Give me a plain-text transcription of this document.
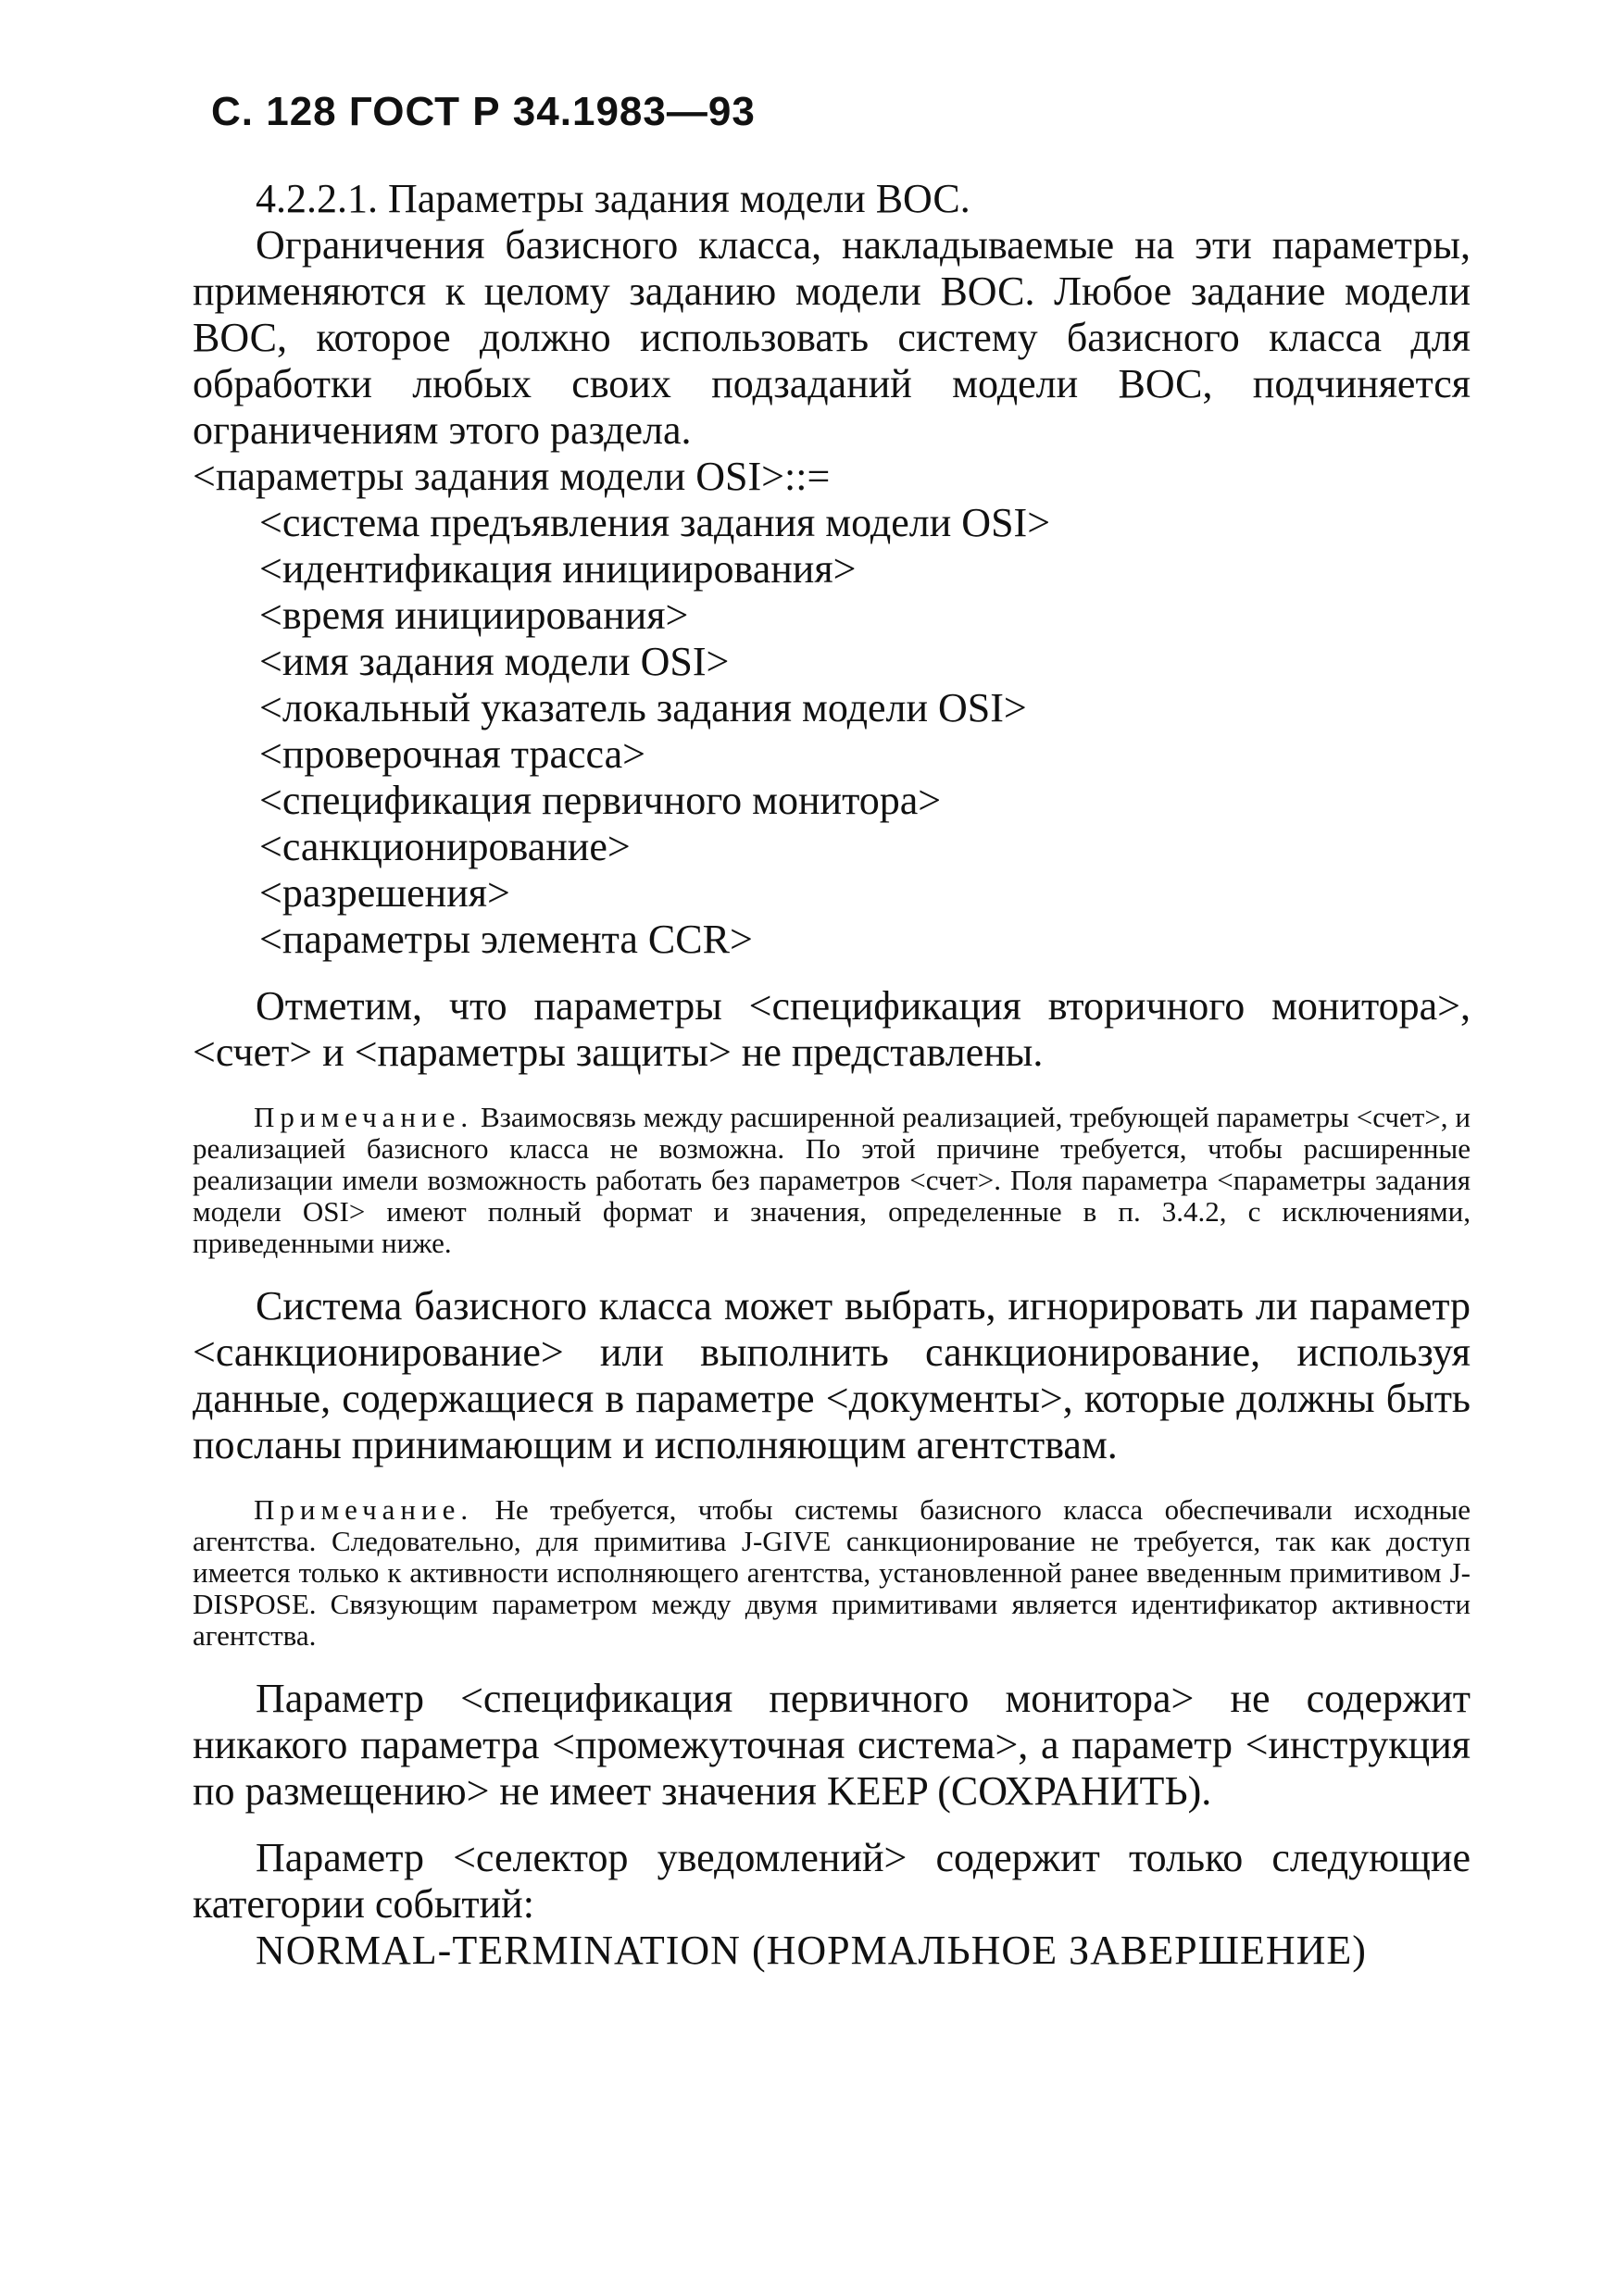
С. 128 ГОСТ Р 34.1983—93

4.2.2.1. Параметры задания модели ВОС.

Ограничения базисного класса, накладываемые на эти параметры, применяются к целому заданию модели ВОС. Любое задание модели ВОС, которое должно использовать систему базисного класса для обработки любых своих подзаданий модели ВОС, подчиняется ограничениям этого раздела.

<параметры задания модели OSI>::=

<система предъявления задания модели OSI>
<идентификация инициирования>
<время инициирования>
<имя задания модели OSI>
<локальный указатель задания модели OSI>
<проверочная трасса>
<спецификация первичного монитора>
<санкционирование>
<разрешения>
<параметры элемента CCR>

Отметим, что параметры <спецификация вторичного монитора>, <счет> и <параметры защиты> не представлены.

Примечание. Взаимосвязь между расширенной реализацией, требующей параметры <счет>, и реализацией базисного класса не возможна. По этой причине требуется, чтобы расширенные реализации имели возможность работать без параметров <счет>. Поля параметра <параметры задания модели OSI> имеют полный формат и значения, определенные в п. 3.4.2, с исключениями, приведенными ниже.

Система базисного класса может выбрать, игнорировать ли параметр <санкционирование> или выполнить санкционирование, используя данные, содержащиеся в параметре <документы>, которые должны быть посланы принимающим и исполняющим агентствам.

Примечание. Не требуется, чтобы системы базисного класса обеспечивали исходные агентства. Следовательно, для примитива J-GIVE санкционирование не требуется, так как доступ имеется только к активности исполняющего агентства, установленной ранее введенным примитивом J-DISPOSE. Связующим параметром между двумя примитивами является идентификатор активности агентства.

Параметр <спецификация первичного монитора> не содержит никакого параметра <промежуточная система>, а параметр <инструкция по размещению> не имеет значения KEEP (СОХРАНИТЬ).

Параметр <селектор уведомлений> содержит только следующие категории событий:

NORMAL-TERMINATION (НОРМАЛЬНОЕ ЗАВЕРШЕНИЕ)
